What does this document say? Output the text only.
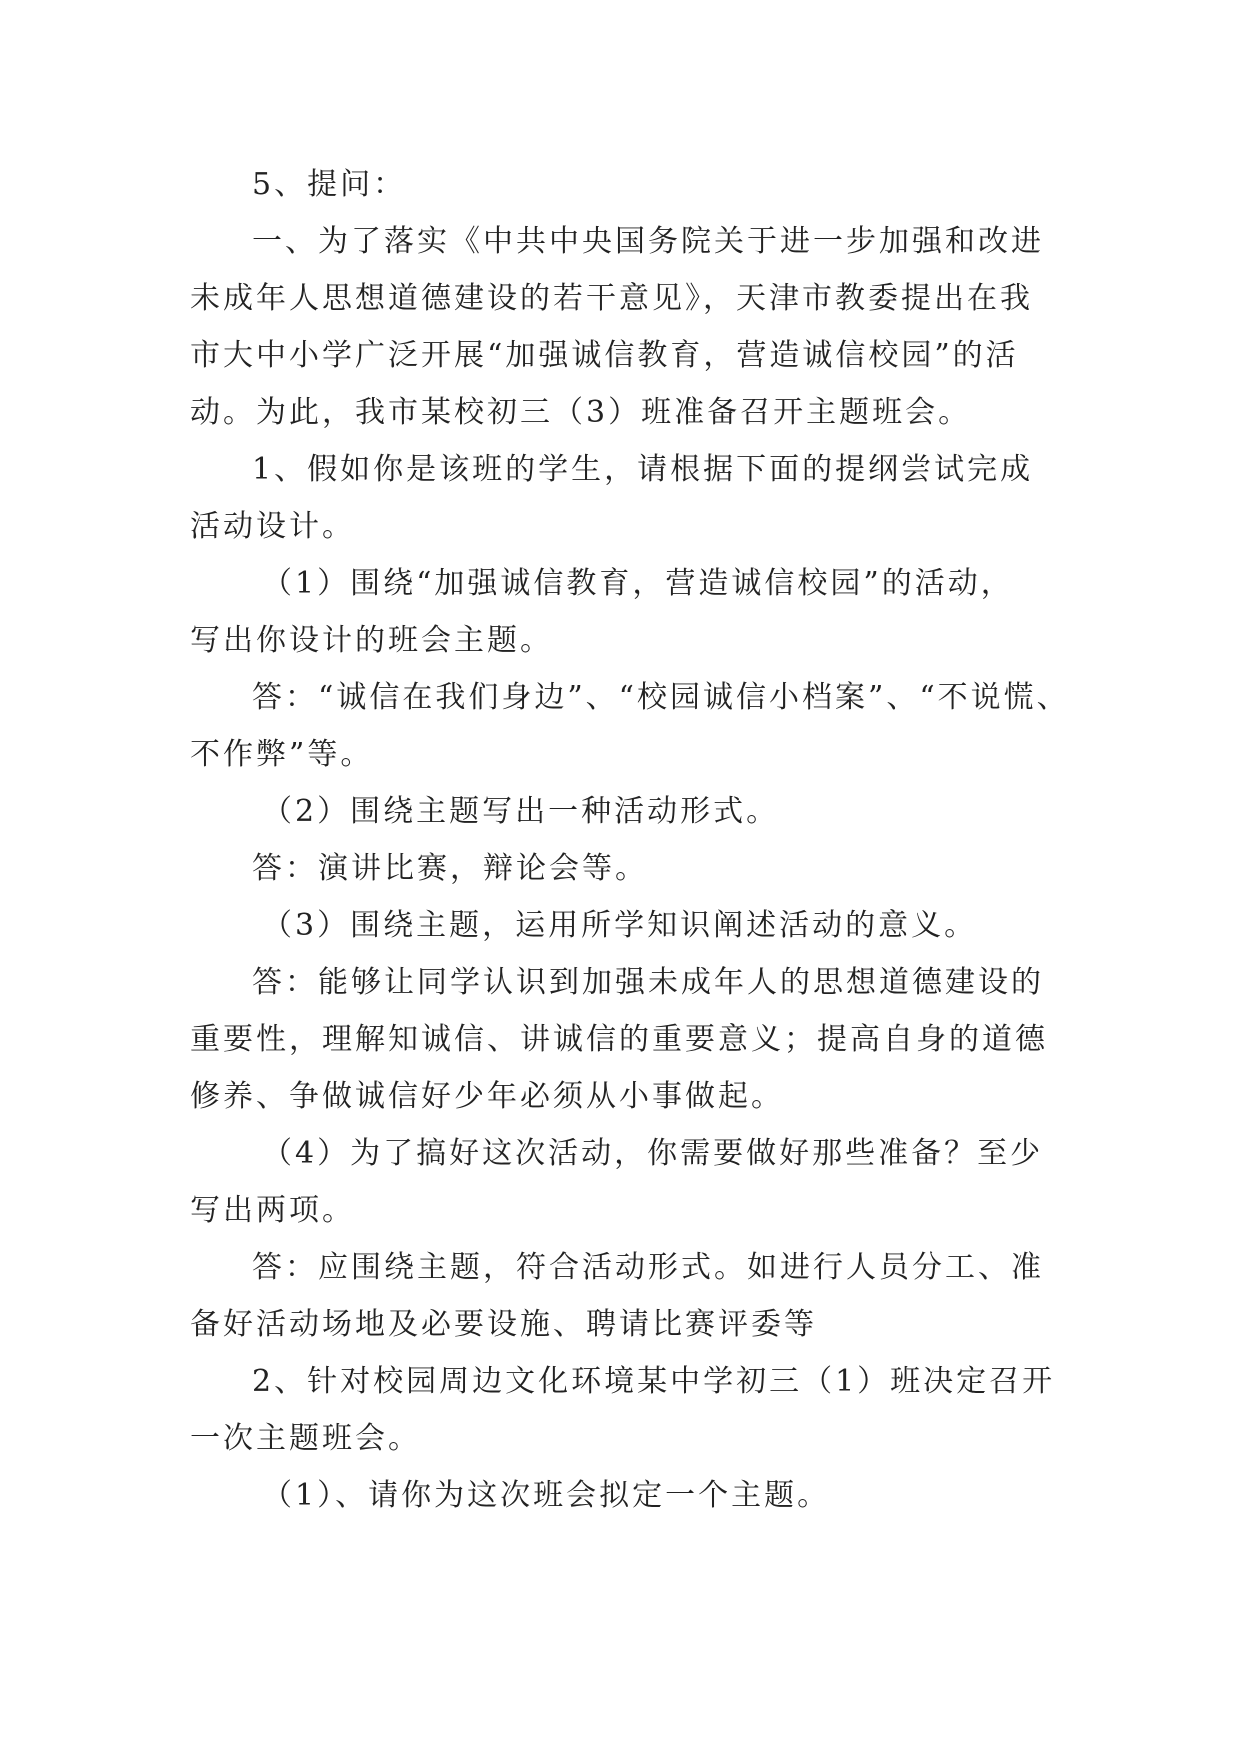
5、提问：
一、为了落实《中共中央国务院关于进一步加强和改进
未成年人思想道德建设的若干意见》，天津市教委提出在我
市大中小学广泛开展“加强诚信教育，营造诚信校园”的活
动。为此，我市某校初三（3）班准备召开主题班会。
1、假如你是该班的学生，请根据下面的提纲尝试完成
活动设计。
（1）围绕“加强诚信教育，营造诚信校园”的活动，
写出你设计的班会主题。
答：“诚信在我们身边”、“校园诚信小档案”、“不说慌、
不作弊”等。
（2）围绕主题写出一种活动形式。
答：演讲比赛，辩论会等。
（3）围绕主题，运用所学知识阐述活动的意义。
答：能够让同学认识到加强未成年人的思想道德建设的
重要性，理解知诚信、讲诚信的重要意义；提高自身的道德
修养、争做诚信好少年必须从小事做起。
（4）为了搞好这次活动，你需要做好那些准备？至少
写出两项。
答：应围绕主题，符合活动形式。如进行人员分工、准
备好活动场地及必要设施、聘请比赛评委等
2、针对校园周边文化环境某中学初三（1）班决定召开
一次主题班会。
（1）、请你为这次班会拟定一个主题。
